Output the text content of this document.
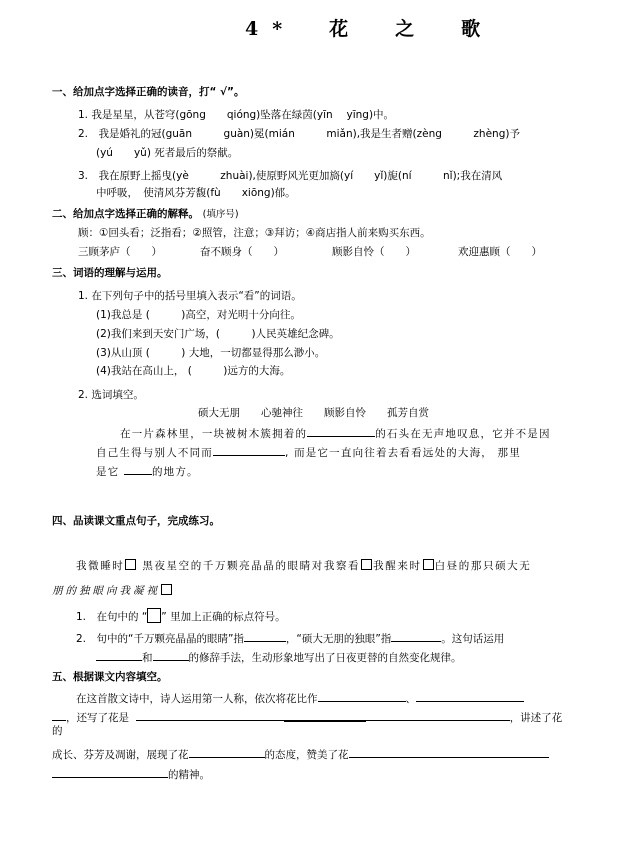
4*　花　之　歌
一、给加点字选择正确的读音，打“ √”。
1. 我是星星，从苍穹(gōng　　qióng)坠落在绿茵(yīn　 yīng)中。
2.　我是婚礼的冠(guān　　　guàn)冕(mián　　　miǎn),我是生者赠(zèng　　　zhèng)予
(yú　　yǔ) 死者最后的祭献。
3.　我在原野上摇曳(yè　　　zhuài),使原野风光更加旖(yí　　yǐ)旎(ní　　　nǐ);我在清风
中呼吸，　使清风芬芳馥(fù　　xiōng)郁。
二、给加点字选择正确的解释。 (填序号)
顾：①回头看；泛指看；②照管，注意；③拜访；④商店指人前来购买东西。
三顾茅庐（　　）	奋不顾身（　　）	顾影自怜（　　）	欢迎惠顾（　　）
三、词语的理解与运用。
1. 在下列句子中的括号里填入表示“看”的词语。
(1)我总是 (　　　)高空，对光明十分向往。
(2)我们来到天安门广场，(　　　)人民英雄纪念碑。
(3)从山顶 (　　　) 大地，一切都显得那么渺小。
(4)我站在高山上， (　　　)远方的大海。
2. 选词填空。
硕大无朋　　心驰神往　　顾影自怜　　孤芳自赏
在一片森林里，一块被树木簇拥着的	的石头在无声地叹息，它并不是因
自己生得与别人不同而	, 而是它一直向往着去看看远处的大海， 那里
是它	的地方。
四、品读课文重点句子，完成练习。
我微睡时 黑夜星空的千万颗亮晶晶的眼睛对我察看 我醒来时 白昼的那只硕大无
朋的独眼向我凝视
1.　在句中的 “ ” 里加上正确的标点符号。
2.　句中的“千万颗亮晶晶的眼睛”指	，“硕大无朋的独眼”指	。这句话运用
和	的修辞手法，生动形象地写出了日夜更替的自然变化规律。
五、根据课文内容填空。
在这首散文诗中，诗人运用第一人称，依次将花比作	、
，还写了花是	，讲述了花
的
成长、芬芳及凋谢，展现了花	的态度，赞美了花
的精神。
